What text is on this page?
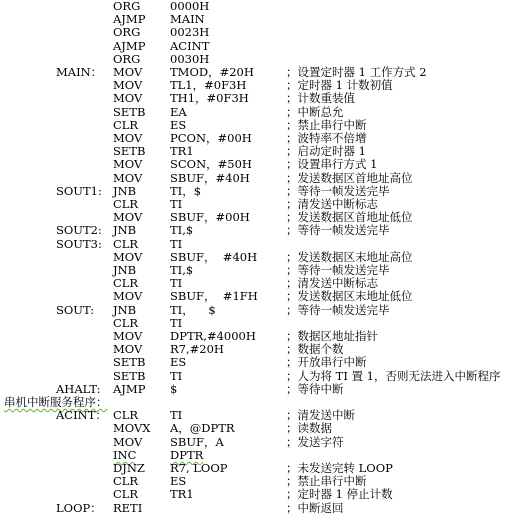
ORG	0000H
AJMP MAIN
ORG	0023H
AJMP ACINT
ORG	0030H
MAIN： MOV TMOD，#20H	；设置定时器 1 工作方式 2
MOV TL1，#0F3H	；定时器 1 计数初值
MOV TH1，#0F3H	；计数重装值
SETB EA	；中断总允
CLR	ES	；禁止串行中断
MOV PCON，#00H	；波特率不倍增
SETB TR1	；启动定时器 1
MOV SCON，#50H	；设置串行方式 1
MOV SBUF，#40H	；发送数据区首地址高位
SOUT1: JNB	TI，$	；等待一帧发送完毕
CLR	TI	；清发送中断标志
MOV SBUF，#00H	；发送数据区首地址低位
SOUT2: JNB	TI,$	；等待一帧发送完毕
SOUT3: CLR	TI
MOV SBUF，  #40H	；发送数据区末地址高位
JNB	TI,$	；等待一帧发送完毕
CLR	TI	；清发送中断标志
MOV SBUF，  #1FH ；发送数据区末地址低位
SOUT: JNB	TI，    $	；等待一帧发送完毕
CLR	TI
MOV DPTR,#4000H	；数据区地址指针
MOV R7,#20H	；数据个数
SETB ES	；开放串行中断
SETB TI	；人为将 TI 置 1，否则无法进入中断程序
AHALT: AJMP $	；等待中断
串机中断服务程序：
ACINT： CLR	TI	；清发送中断
MOVX A，@DPTR	；读数据
MOV SBUF，A	；发送字符
INC	DPTR
DJNZ R7, LOOP	；未发送完转 LOOP
CLR	ES	；禁止串行中断
CLR	TR1	；定时器 1 停止计数
LOOP： RETI	；中断返回
